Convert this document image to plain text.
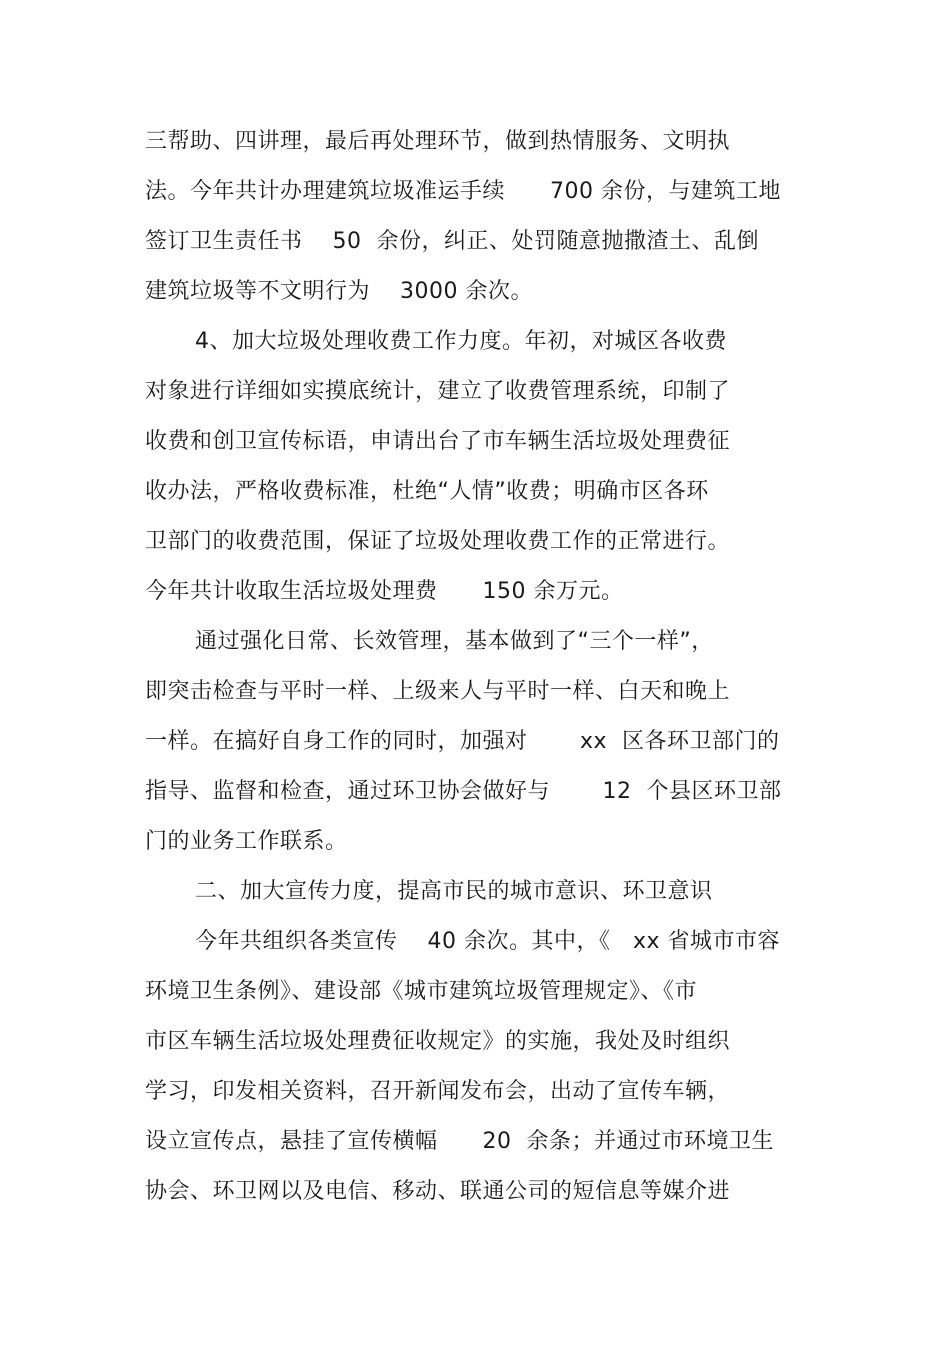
三帮助、四讲理，最后再处理环节，做到热情服务、文明执
法。今年共计办理建筑垃圾准运手续　　700 余份，与建筑工地
签订卫生责任书　 50  余份，纠正、处罚随意抛撒渣土、乱倒
建筑垃圾等不文明行为　 3000 余次。
4、加大垃圾处理收费工作力度。年初，对城区各收费
对象进行详细如实摸底统计，建立了收费管理系统，印制了
收费和创卫宣传标语，申请出台了市车辆生活垃圾处理费征
收办法，严格收费标准，杜绝“人情”收费；明确市区各环
卫部门的收费范围，保证了垃圾处理收费工作的正常进行。
今年共计收取生活垃圾处理费　　150 余万元。
通过强化日常、长效管理，基本做到了“三个一样”，
即突击检查与平时一样、上级来人与平时一样、白天和晚上
一样。在搞好自身工作的同时，加强对　　 xx  区各环卫部门的
指导、监督和检查，通过环卫协会做好与　　 12  个县区环卫部
门的业务工作联系。
二、加大宣传力度，提高市民的城市意识、环卫意识
今年共组织各类宣传　 40 余次。其中，《　xx 省城市市容
环境卫生条例》、建设部《城市建筑垃圾管理规定》、《市
市区车辆生活垃圾处理费征收规定》的实施，我处及时组织
学习，印发相关资料，召开新闻发布会，出动了宣传车辆，
设立宣传点，悬挂了宣传横幅　　20  余条；并通过市环境卫生
协会、环卫网以及电信、移动、联通公司的短信息等媒介进
